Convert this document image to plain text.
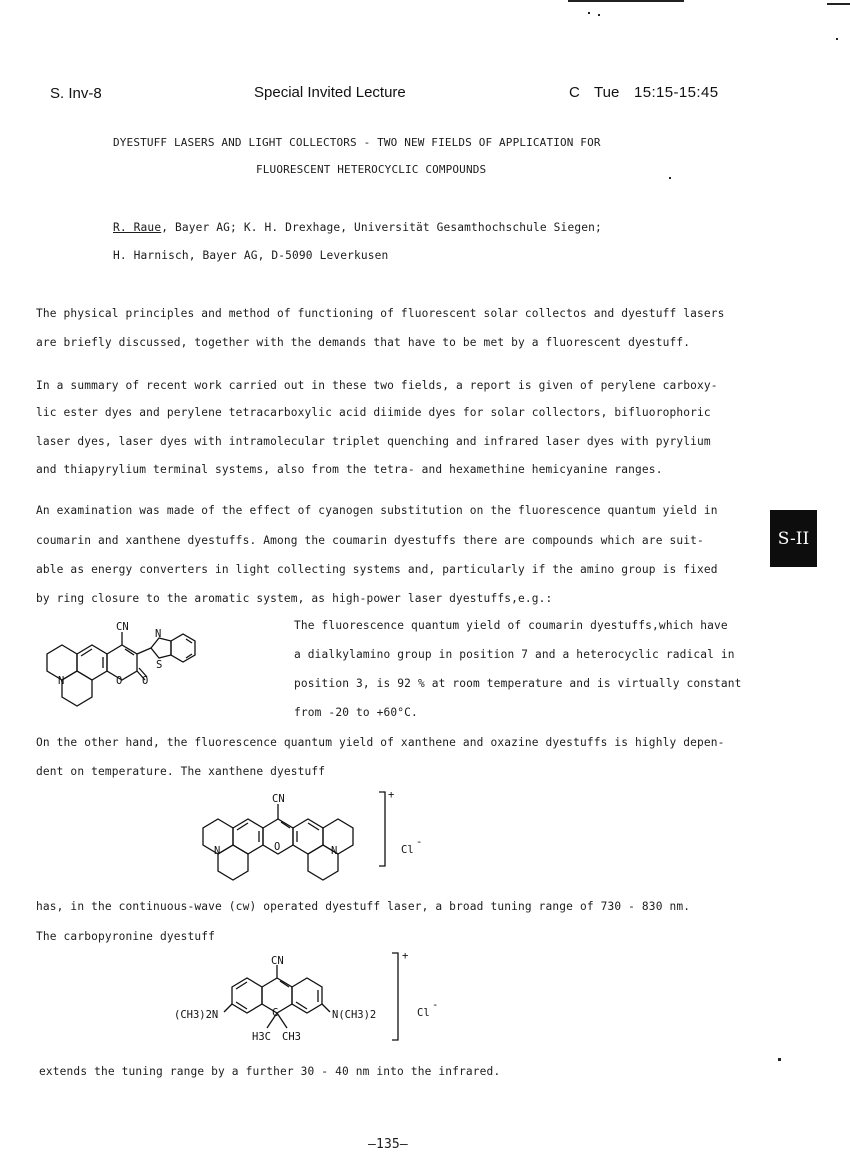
S. Inv-8	Special Invited Lecture	C Tue 15:15-15:45
DYESTUFF LASERS AND LIGHT COLLECTORS - TWO NEW FIELDS OF APPLICATION FOR
FLUORESCENT HETEROCYCLIC COMPOUNDS
R. Raue, Bayer AG; K. H. Drexhage, Universität Gesamthochschule Siegen;
H. Harnisch, Bayer AG, D-5090 Leverkusen
The physical principles and method of functioning of fluorescent solar collectos and dyestuff lasers
are briefly discussed, together with the demands that have to be met by a fluorescent dyestuff.
In a summary of recent work carried out in these two fields, a report is given of perylene carboxy-
lic ester dyes and perylene tetracarboxylic acid diimide dyes for solar collectors, bifluorophoric
laser dyes, laser dyes with intramolecular triplet quenching and infrared laser dyes with pyrylium
and thiapyrylium terminal systems, also from the tetra- and hexamethine hemicyanine ranges.
An examination was made of the effect of cyanogen substitution on the fluorescence quantum yield in
coumarin and xanthene dyestuffs. Among the coumarin dyestuffs there are compounds which are suit-
able as energy converters in light collecting systems and, particularly if the amino group is fixed
by ring closure to the aromatic system, as high-power laser dyestuffs,e.g.:
CN
N	O O
N
S
The fluorescence quantum yield of coumarin dyestuffs,which have
a dialkylamino group in position 7 and a heterocyclic radical in
position 3, is 92 % at room temperature and is virtually constant
from -20 to +60°C.
On the other hand, the fluorescence quantum yield of xanthene and oxazine dyestuffs is highly depen-
dent on temperature. The xanthene dyestuff
CN
O
N	N
+
Cl
-
has, in the continuous-wave (cw) operated dyestuff laser, a broad tuning range of 730 - 830 nm.
The carbopyronine dyestuff
CN
C
(CH3)2N	N(CH3)2
H3C CH3
+
Cl
-
extends the tuning range by a further 30 - 40 nm into the infrared.
S-II
—135—
